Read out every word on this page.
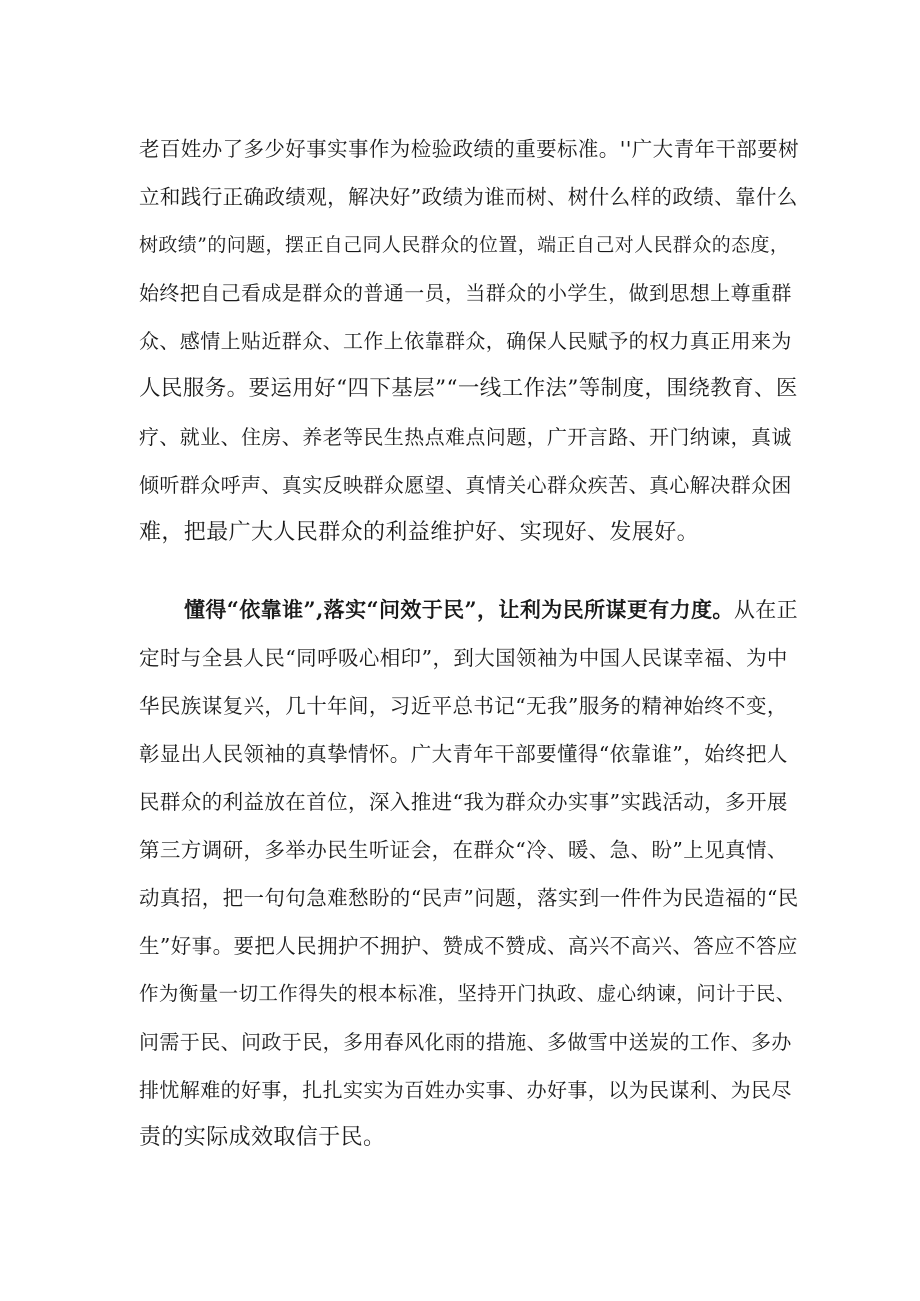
老百姓办了多少好事实事作为检验政绩的重要标准。''广大青年干部要树
立和践行正确政绩观，解决好”政绩为谁而树、树什么样的政绩、靠什么
树政绩”的问题，摆正自己同人民群众的位置，端正自己对人民群众的态度，
始终把自己看成是群众的普通一员，当群众的小学生，做到思想上尊重群
众、感情上贴近群众、工作上依靠群众，确保人民赋予的权力真正用来为
人民服务。要运用好“四下基层”“一线工作法”等制度，围绕教育、医
疗、就业、住房、养老等民生热点难点问题，广开言路、开门纳谏，真诚
倾听群众呼声、真实反映群众愿望、真情关心群众疾苦、真心解决群众困
难，把最广大人民群众的利益维护好、实现好、发展好。
懂得“依靠谁”,落实“问效于民”，让利为民所谋更有力度。从在正
定时与全县人民“同呼吸心相印”，到大国领袖为中国人民谋幸福、为中
华民族谋复兴，几十年间，习近平总书记“无我”服务的精神始终不变，
彰显出人民领袖的真挚情怀。广大青年干部要懂得“依靠谁”，始终把人
民群众的利益放在首位，深入推进“我为群众办实事”实践活动，多开展
第三方调研，多举办民生听证会，在群众“冷、暖、急、盼”上见真情、
动真招，把一句句急难愁盼的“民声”问题，落实到一件件为民造福的“民
生”好事。要把人民拥护不拥护、赞成不赞成、高兴不高兴、答应不答应
作为衡量一切工作得失的根本标准，坚持开门执政、虚心纳谏，问计于民、
问需于民、问政于民，多用春风化雨的措施、多做雪中送炭的工作、多办
排忧解难的好事，扎扎实实为百姓办实事、办好事，以为民谋利、为民尽
责的实际成效取信于民。
